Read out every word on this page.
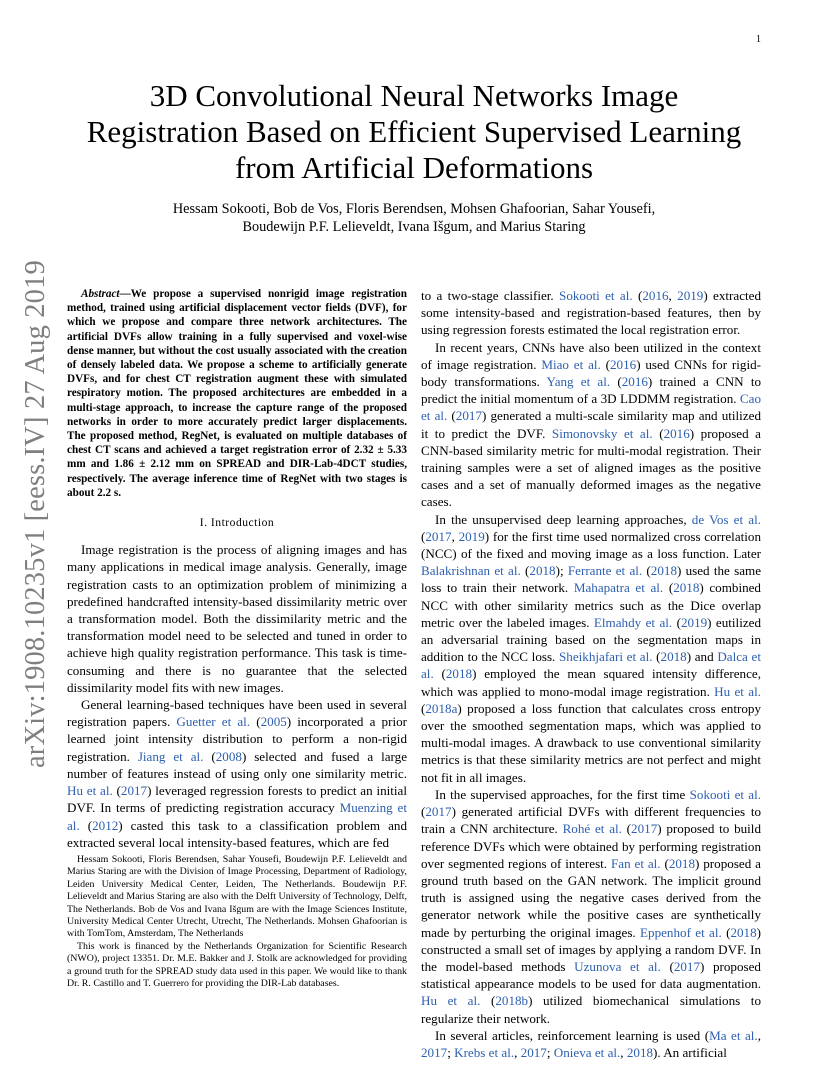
1
arXiv:1908.10235v1 [eess.IV] 27 Aug 2019
3D Convolutional Neural Networks Image
Registration Based on Efficient Supervised Learning
from Artificial Deformations
Hessam Sokooti, Bob de Vos, Floris Berendsen, Mohsen Ghafoorian, Sahar Yousefi,
Boudewijn P.F. Lelieveldt, Ivana Išgum, and Marius Staring

Abstract—We propose a supervised nonrigid image registration method, trained using artificial displacement vector fields (DVF), for which we propose and compare three network architectures. The artificial DVFs allow training in a fully supervised and voxel-wise dense manner, but without the cost usually associated with the creation of densely labeled data. We propose a scheme to artificially generate DVFs, and for chest CT registration augment these with simulated respiratory motion. The proposed architectures are embedded in a multi-stage approach, to increase the capture range of the proposed networks in order to more accurately predict larger displacements. The proposed method, RegNet, is evaluated on multiple databases of chest CT scans and achieved a target registration error of 2.32 ± 5.33 mm and 1.86 ± 2.12 mm on SPREAD and DIR-Lab-4DCT studies, respectively. The average inference time of RegNet with two stages is about 2.2 s.

I. Introduction

Image registration is the process of aligning images and has many applications in medical image analysis. Generally, image registration casts to an optimization problem of minimizing a predefined handcrafted intensity-based dissimilarity metric over a transformation model. Both the dissimilarity metric and the transformation model need to be selected and tuned in order to achieve high quality registration performance. This task is time-consuming and there is no guarantee that the selected dissimilarity model fits with new images.

General learning-based techniques have been used in several registration papers. Guetter et al. (2005) incorporated a prior learned joint intensity distribution to perform a non-rigid registration. Jiang et al. (2008) selected and fused a large number of features instead of using only one similarity metric. Hu et al. (2017) leveraged regression forests to predict an initial DVF. In terms of predicting registration accuracy Muenzing et al. (2012) casted this task to a classification problem and extracted several local intensity-based features, which are fed

Hessam Sokooti, Floris Berendsen, Sahar Yousefi, Boudewijn P.F. Lelieveldt and Marius Staring are with the Division of Image Processing, Department of Radiology, Leiden University Medical Center, Leiden, The Netherlands. Boudewijn P.F. Lelieveldt and Marius Staring are also with the Delft University of Technology, Delft, The Netherlands. Bob de Vos and Ivana Išgum are with the Image Sciences Institute, University Medical Center Utrecht, Utrecht, The Netherlands. Mohsen Ghafoorian is with TomTom, Amsterdam, The Netherlands

This work is financed by the Netherlands Organization for Scientific Research (NWO), project 13351. Dr. M.E. Bakker and J. Stolk are acknowledged for providing a ground truth for the SPREAD study data used in this paper. We would like to thank Dr. R. Castillo and T. Guerrero for providing the DIR-Lab databases.

to a two-stage classifier. Sokooti et al. (2016, 2019) extracted some intensity-based and registration-based features, then by using regression forests estimated the local registration error.

In recent years, CNNs have also been utilized in the context of image registration. Miao et al. (2016) used CNNs for rigid-body transformations. Yang et al. (2016) trained a CNN to predict the initial momentum of a 3D LDDMM registration. Cao et al. (2017) generated a multi-scale similarity map and utilized it to predict the DVF. Simonovsky et al. (2016) proposed a CNN-based similarity metric for multi-modal registration. Their training samples were a set of aligned images as the positive cases and a set of manually deformed images as the negative cases.

In the unsupervised deep learning approaches, de Vos et al. (2017, 2019) for the first time used normalized cross correlation (NCC) of the fixed and moving image as a loss function. Later Balakrishnan et al. (2018); Ferrante et al. (2018) used the same loss to train their network. Mahapatra et al. (2018) combined NCC with other similarity metrics such as the Dice overlap metric over the labeled images. Elmahdy et al. (2019) eutilized an adversarial training based on the segmentation maps in addition to the NCC loss. Sheikhjafari et al. (2018) and Dalca et al. (2018) employed the mean squared intensity difference, which was applied to mono-modal image registration. Hu et al. (2018a) proposed a loss function that calculates cross entropy over the smoothed segmentation maps, which was applied to multi-modal images. A drawback to use conventional similarity metrics is that these similarity metrics are not perfect and might not fit in all images.

In the supervised approaches, for the first time Sokooti et al. (2017) generated artificial DVFs with different frequencies to train a CNN architecture. Rohé et al. (2017) proposed to build reference DVFs which were obtained by performing registration over segmented regions of interest. Fan et al. (2018) proposed a ground truth based on the GAN network. The implicit ground truth is assigned using the negative cases derived from the generator network while the positive cases are synthetically made by perturbing the original images. Eppenhof et al. (2018) constructed a small set of images by applying a random DVF. In the model-based methods Uzunova et al. (2017) proposed statistical appearance models to be used for data augmentation. Hu et al. (2018b) utilized biomechanical simulations to regularize their network.

In several articles, reinforcement learning is used (Ma et al., 2017; Krebs et al., 2017; Onieva et al., 2018). An artificial
